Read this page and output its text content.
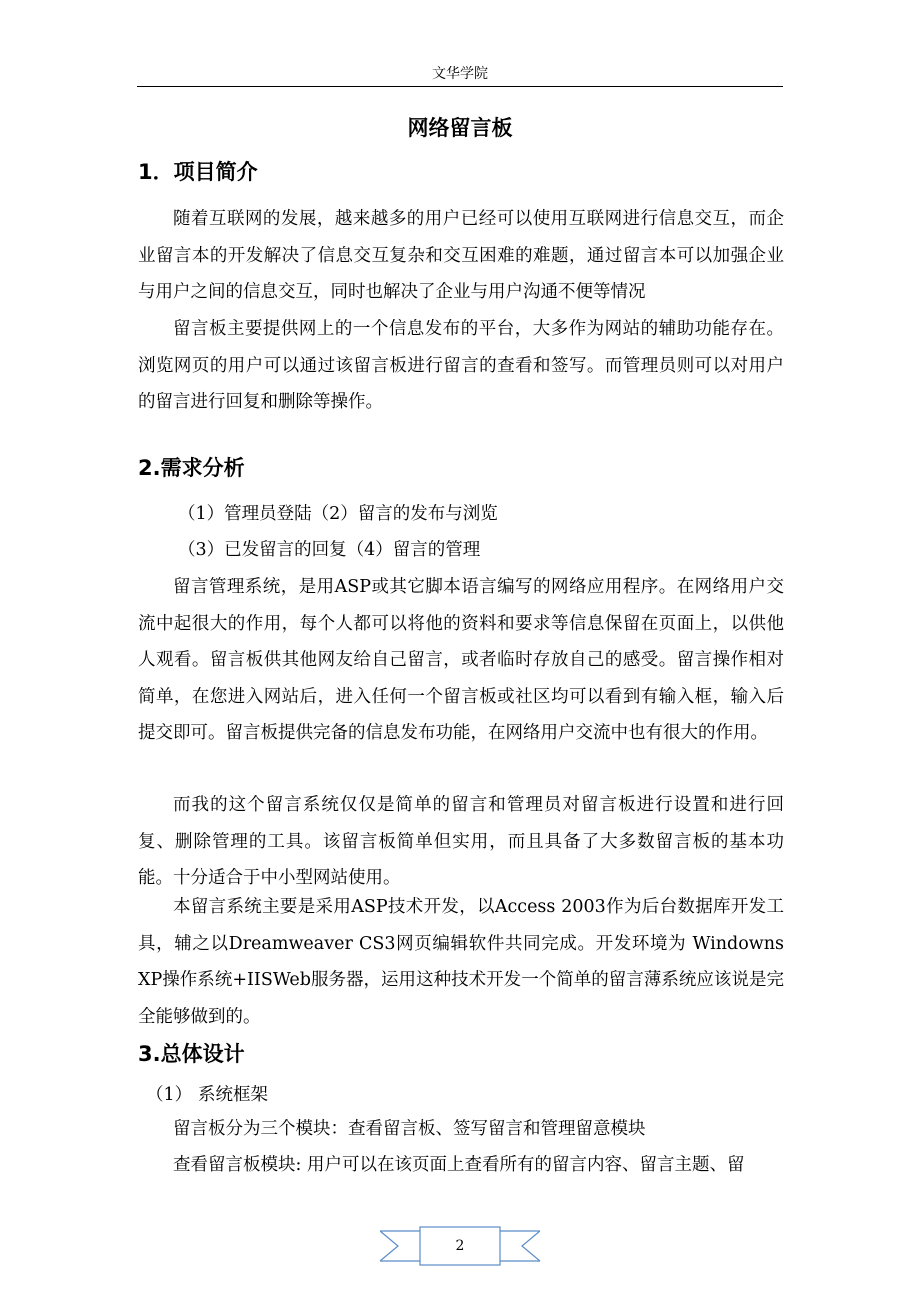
文华学院
网络留言板
1．项目简介

随着互联网的发展，越来越多的用户已经可以使用互联网进行信息交互，而企业留言本的开发解决了信息交互复杂和交互困难的难题，通过留言本可以加强企业与用户之间的信息交互，同时也解决了企业与用户沟通不便等情况

留言板主要提供网上的一个信息发布的平台，大多作为网站的辅助功能存在。浏览网页的用户可以通过该留言板进行留言的查看和签写。而管理员则可以对用户的留言进行回复和删除等操作。

2.需求分析
（1）管理员登陆（2）留言的发布与浏览
（3）已发留言的回复（4）留言的管理

留言管理系统，是用ASP或其它脚本语言编写的网络应用程序。在网络用户交流中起很大的作用，每个人都可以将他的资料和要求等信息保留在页面上，以供他人观看。留言板供其他网友给自己留言，或者临时存放自己的感受。留言操作相对简单，在您进入网站后，进入任何一个留言板或社区均可以看到有输入框，输入后提交即可。留言板提供完备的信息发布功能，在网络用户交流中也有很大的作用。

而我的这个留言系统仅仅是简单的留言和管理员对留言板进行设置和进行回复、删除管理的工具。该留言板简单但实用，而且具备了大多数留言板的基本功能。十分适合于中小型网站使用。

本留言系统主要是采用ASP技术开发，以Access 2003作为后台数据库开发工具，辅之以Dreamweaver CS3网页编辑软件共同完成。开发环境为 Windowns XP操作系统+IISWeb服务器，运用这种技术开发一个简单的留言薄系统应该说是完全能够做到的。

3.总体设计
（1） 系统框架

留言板分为三个模块：查看留言板、签写留言和管理留意模块

查看留言板模块: 用户可以在该页面上查看所有的留言内容、留言主题、留

2
